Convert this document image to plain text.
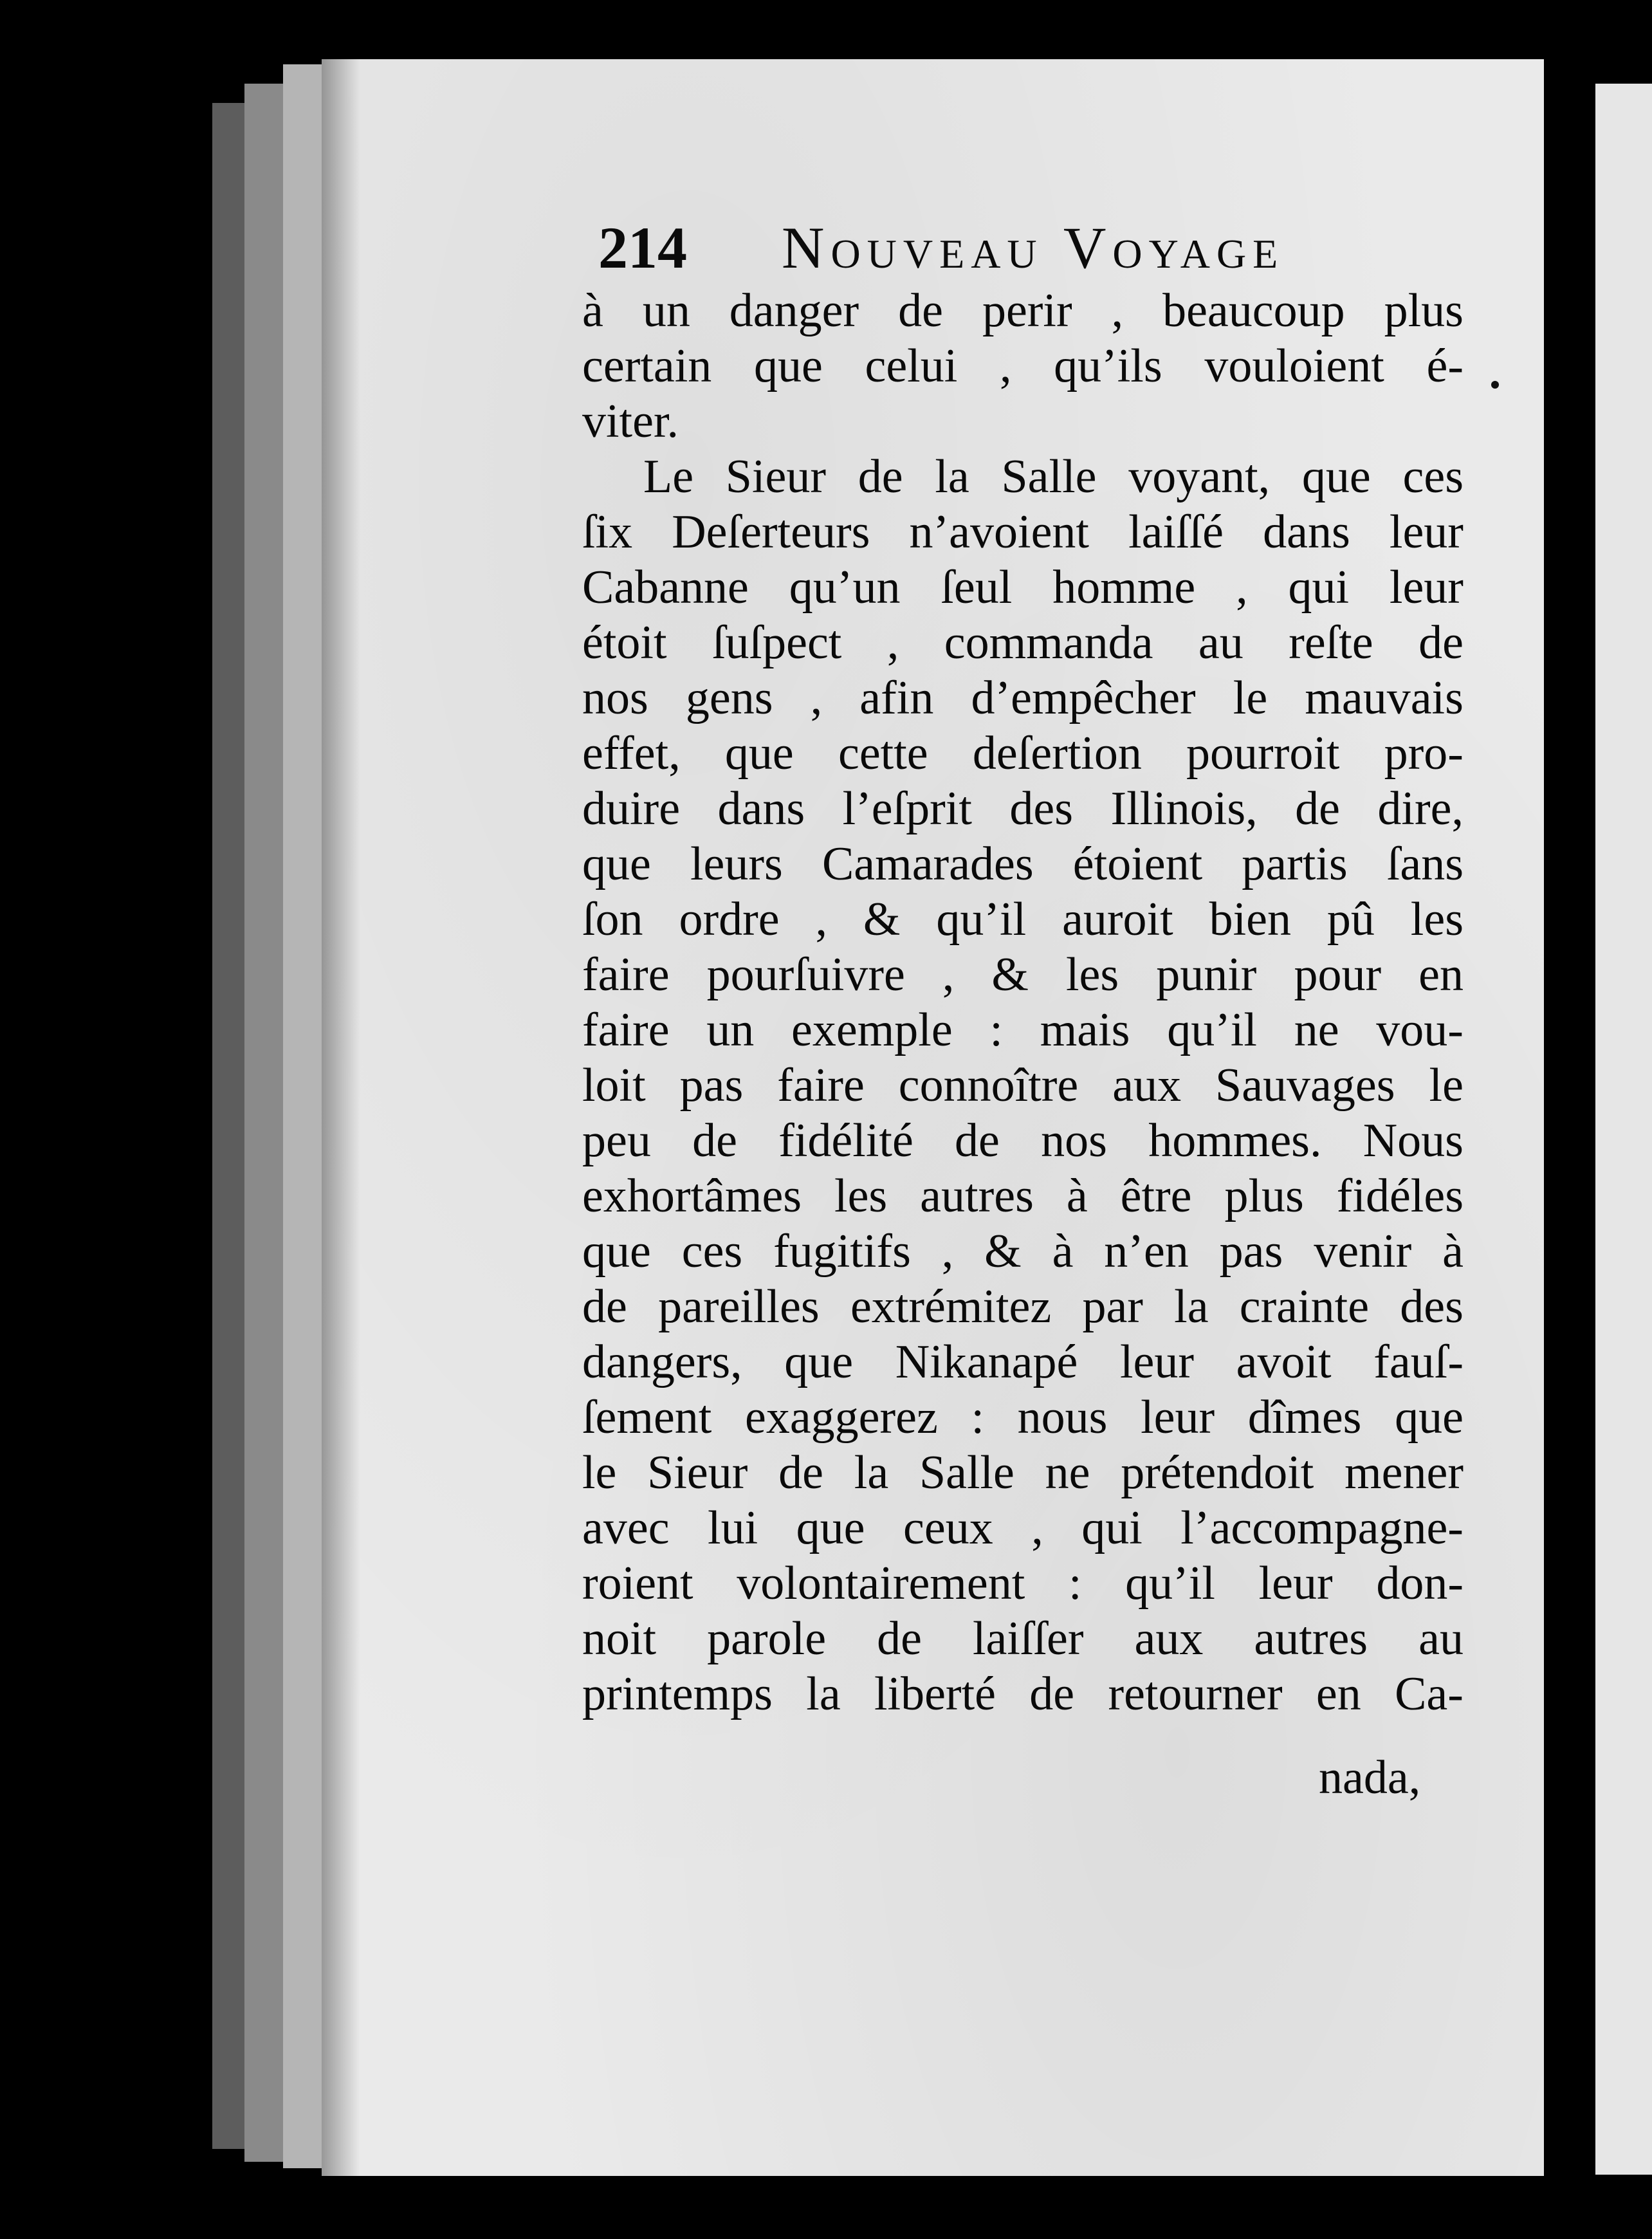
214 Nouveau Voyage
à un danger de perir , beaucoup plus
certain que celui , qu’ils vouloient é-
viter.
Le Sieur de la Salle voyant, que ces
ſix Deſerteurs n’avoient laiſſé dans leur
Cabanne qu’un ſeul homme , qui leur
étoit ſuſpect , commanda au reſte de
nos gens , afin d’empêcher le mauvais
effet, que cette deſertion pourroit pro-
duire dans l’eſprit des Illinois, de dire,
que leurs Camarades étoient partis ſans
ſon ordre , & qu’il auroit bien pû les
faire pourſuivre , & les punir pour en
faire un exemple : mais qu’il ne vou-
loit pas faire connoître aux Sauvages le
peu de fidélité de nos hommes. Nous
exhortâmes les autres à être plus fidéles
que ces fugitifs , & à n’en pas venir à
de pareilles extrémitez par la crainte des
dangers, que Nikanapé leur avoit fauſ-
ſement exaggerez : nous leur dîmes que
le Sieur de la Salle ne prétendoit mener
avec lui que ceux , qui l’accompagne-
roient volontairement : qu’il leur don-
noit parole de laiſſer aux autres au
printemps la liberté de retourner en Ca-
nada,
